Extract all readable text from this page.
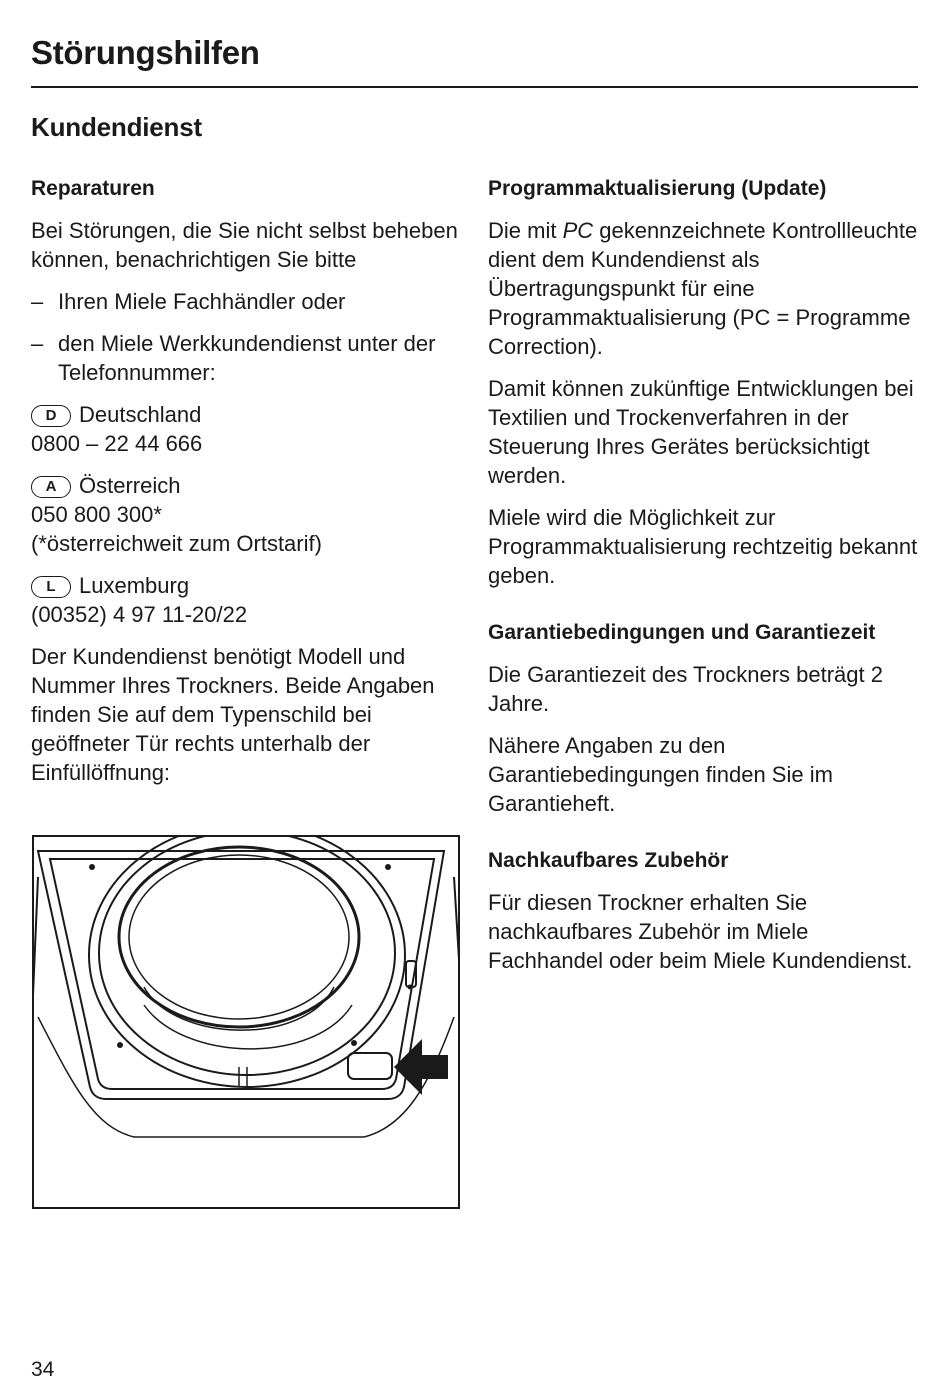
Störungshilfen
Kundendienst
Reparaturen

Bei Störungen, die Sie nicht selbst beheben können, benachrichtigen Sie bitte

– Ihren Miele Fachhändler oder
– den Miele Werkkundendienst unter der Telefonnummer:

D Deutschland
0800 – 22 44 666

A Österreich
050 800 300*
(*österreichweit zum Ortstarif)

L Luxemburg
(00352) 4 97 11-20/22

Der Kundendienst benötigt Modell und Nummer Ihres Trockners. Beide Angaben finden Sie auf dem Typenschild bei geöffneter Tür rechts unterhalb der Einfüllöffnung:

Programmaktualisierung (Update)

Die mit PC gekennzeichnete Kontrollleuchte dient dem Kundendienst als Übertragungspunkt für eine Programmaktualisierung (PC = Programme Correction).

Damit können zukünftige Entwicklungen bei Textilien und Trockenverfahren in der Steuerung Ihres Gerätes berücksichtigt werden.

Miele wird die Möglichkeit zur Programmaktualisierung rechtzeitig bekannt geben.

Garantiebedingungen und Garantiezeit

Die Garantiezeit des Trockners beträgt 2 Jahre.

Nähere Angaben zu den Garantiebedingungen finden Sie im Garantieheft.

Nachkaufbares Zubehör

Für diesen Trockner erhalten Sie nachkaufbares Zubehör im Miele Fachhandel oder beim Miele Kundendienst.

34
